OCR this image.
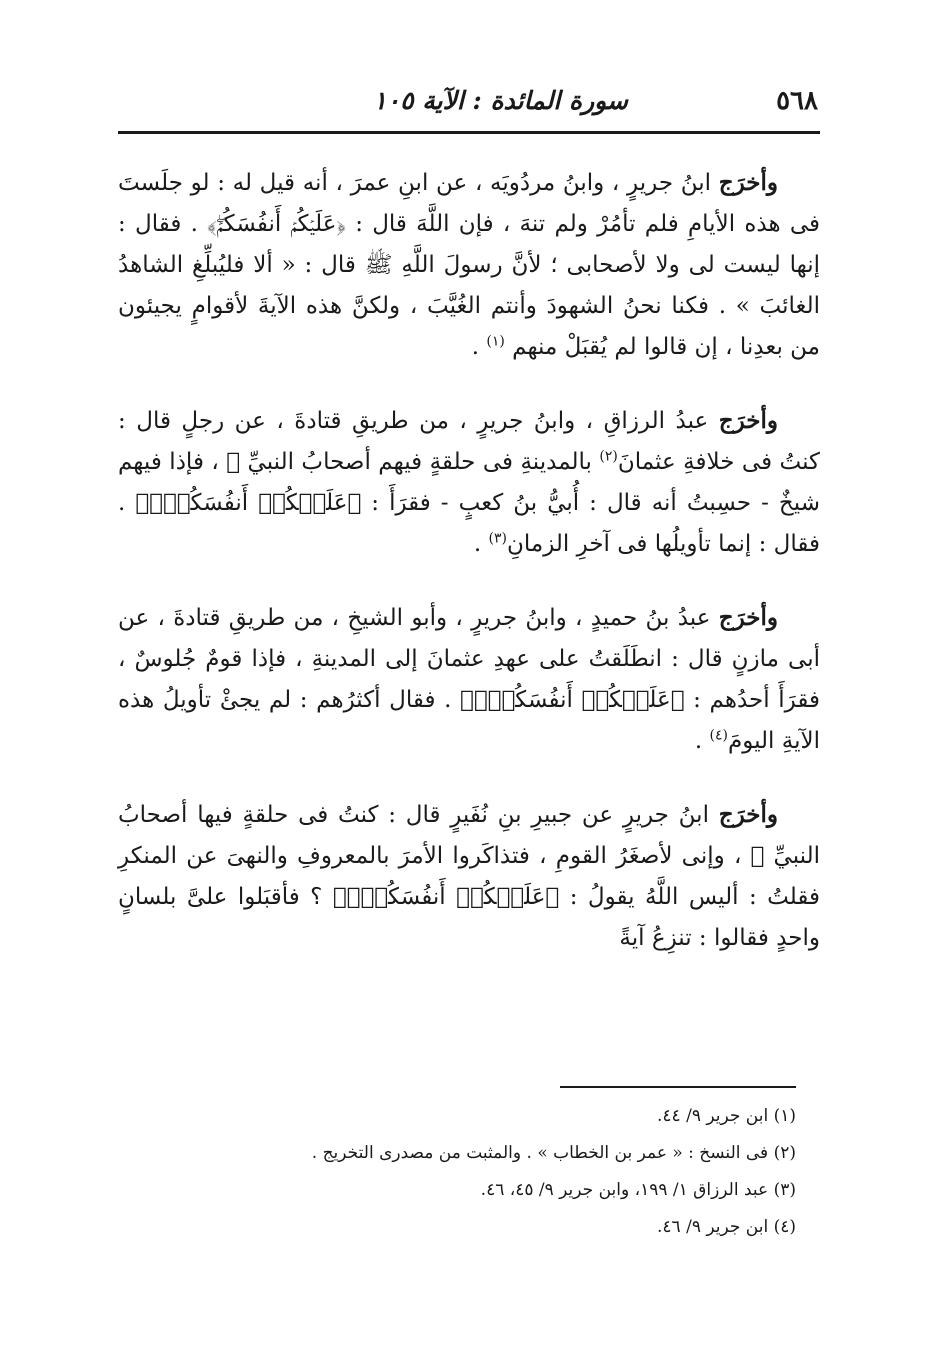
٥٦٨
سورة المائدة : الآية ١٠٥

وأخرَج ابنُ جريرٍ ، وابنُ مردُويَه ، عن ابنِ عمرَ ، أنه قيل له : لو جلَستَ فى هذه الأيامِ فلم تأمُرْ ولم تنهَ ، فإن اللَّهَ قال : ﴿عَلَيۡكُمۡ أَنفُسَكُمۡۖ﴾ . فقال : إنها ليست لى ولا لأصحابى ؛ لأنَّ رسولَ اللَّهِ ﷺ قال : « ألا فليُبلِّغِ الشاهدُ الغائبَ » . فكنا نحنُ الشهودَ وأنتم الغُيَّبَ ، ولكنَّ هذه الآيةَ لأقوامٍ يجيئون من بعدِنا ، إن قالوا لم يُقبَلْ منهم $^{(١)}$ .

وأخرَج عبدُ الرزاقِ ، وابنُ جريرٍ ، من طريقِ قتادةَ ، عن رجلٍ قال : كنتُ فى خلافةِ عثمانَ$^{(٢)}$ بالمدينةِ فى حلقةٍ فيهم أصحابُ النبيِّ ﷺ ، فإذا فيهم شيخٌ - حسِبتُ أنه قال : أُبيُّ بنُ كعبٍ - فقرَأَ : ﴿عَلَيۡكُمۡ أَنفُسَكُمۡۖ﴾ . فقال : إنما تأويلُها فى آخرِ الزمانِ$^{(٣)}$ .

وأخرَج عبدُ بنُ حميدٍ ، وابنُ جريرٍ ، وأبو الشيخِ ، من طريقِ قتادةَ ، عن أبى مازنٍ قال : انطَلَقتُ على عهدِ عثمانَ إلى المدينةِ ، فإذا قومٌ جُلوسٌ ، فقرَأَ أحدُهم : ﴿عَلَيۡكُمۡ أَنفُسَكُمۡۖ﴾ . فقال أكثرُهم : لم يجئْ تأويلُ هذه الآيةِ اليومَ$^{(٤)}$ .

وأخرَج ابنُ جريرٍ عن جبيرِ بنِ نُفَيرٍ قال : كنتُ فى حلقةٍ فيها أصحابُ النبيِّ ﷺ ، وإنى لأصغَرُ القومِ ، فتذاكَروا الأمرَ بالمعروفِ والنهىَ عن المنكرِ فقلتُ : أليس اللَّهُ يقولُ : ﴿عَلَيۡكُمۡ أَنفُسَكُمۡۖ﴾ ؟ فأقبَلوا علىَّ بلسانٍ واحدٍ فقالوا : تنزِعُ آيةً

(١) ابن جرير ٩/ ٤٤.

(٢) فى النسخ : « عمر بن الخطاب » . والمثبت من مصدرى التخريج .

(٣) عبد الرزاق ١/ ١٩٩، وابن جرير ٩/ ٤٥، ٤٦.

(٤) ابن جرير ٩/ ٤٦.
